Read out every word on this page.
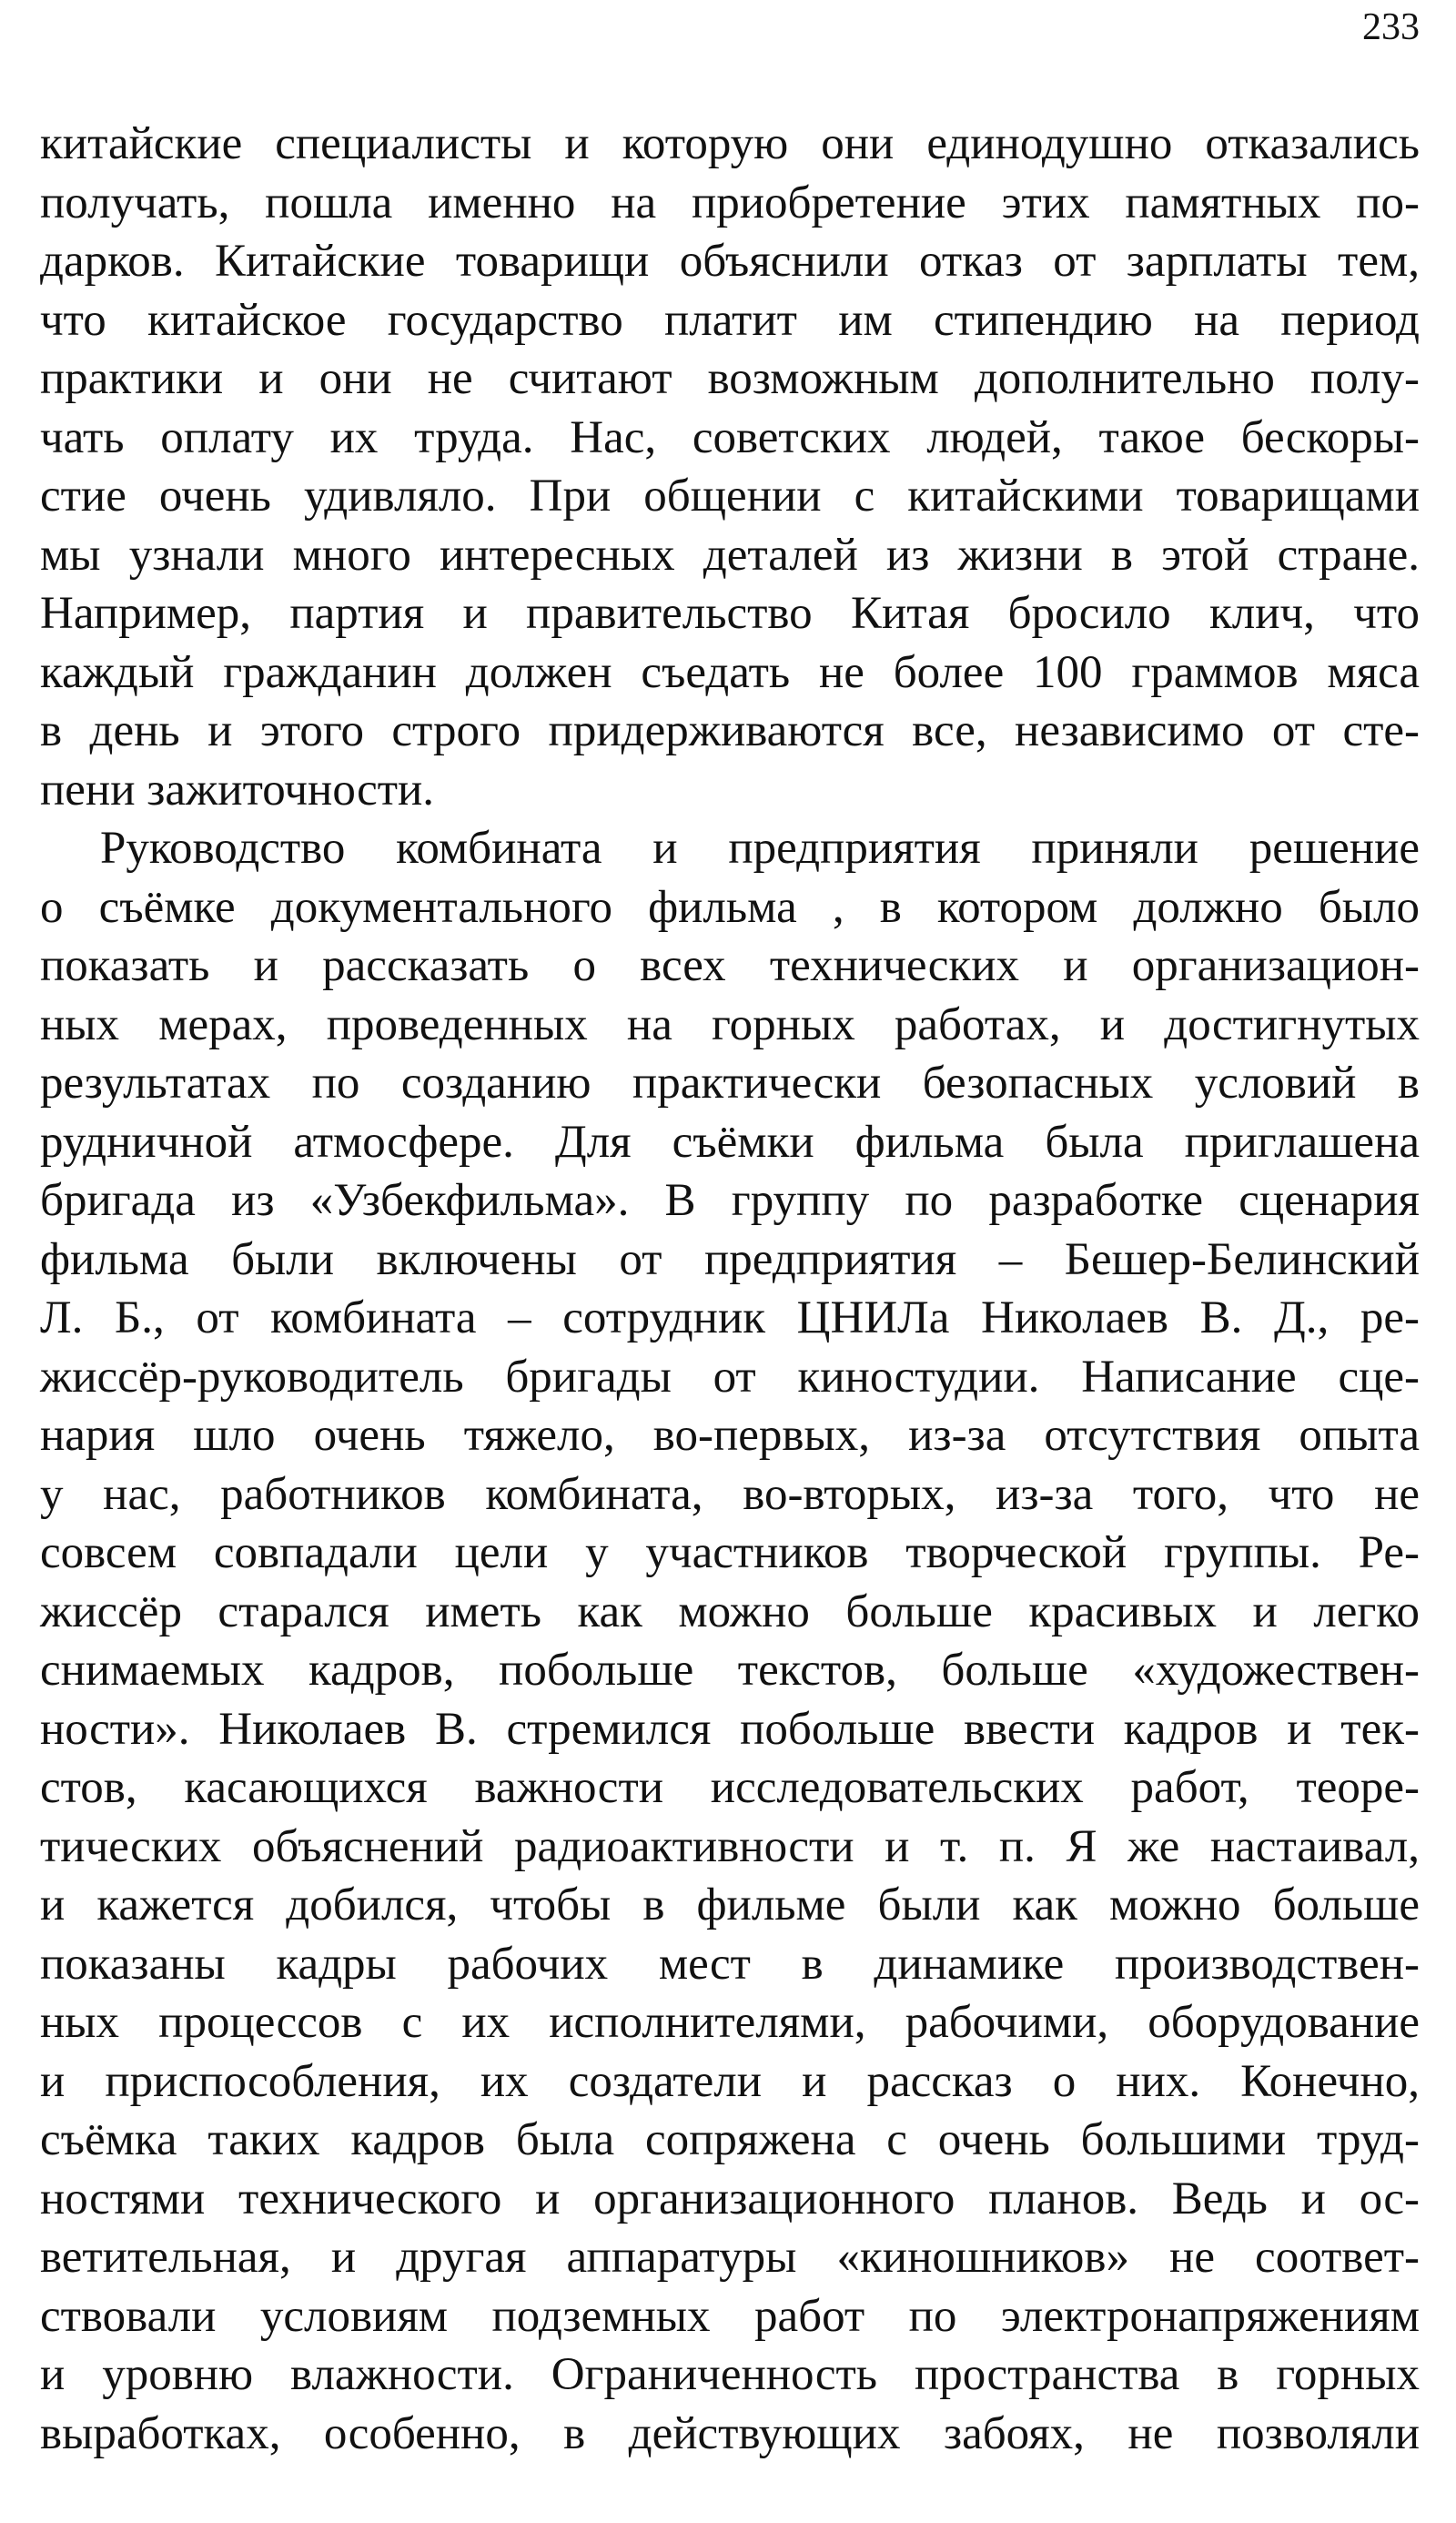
233
китайские специалисты и которую они единодушно отказались
получать, пошла именно на приобретение этих памятных по-
дарков. Китайские товарищи объяснили отказ от зарплаты тем,
что китайское государство платит им стипендию на период
практики и они не считают возможным дополнительно полу-
чать оплату их труда. Нас, советских людей, такое бескоры-
стие очень удивляло. При общении с китайскими товарищами
мы узнали много интересных деталей из жизни в этой стране.
Например, партия и правительство Китая бросило клич, что
каждый гражданин должен съедать не более 100 граммов мяса
в день и этого строго придерживаются все, независимо от сте-
пени зажиточности.
Руководство комбината и предприятия приняли решение
о съёмке документального фильма , в котором должно было
показать и рассказать о всех технических и организацион-
ных мерах, проведенных на горных работах, и достигнутых
результатах по созданию практически безопасных условий в
рудничной атмосфере. Для съёмки фильма была приглашена
бригада из «Узбекфильма». В группу по разработке сценария
фильма были включены от предприятия – Бешер-Белинский
Л. Б., от комбината – сотрудник ЦНИЛа Николаев В. Д., ре-
жиссёр-руководитель бригады от киностудии. Написание сце-
нария шло очень тяжело, во-первых, из-за отсутствия опыта
у нас, работников комбината, во-вторых, из-за того, что не
совсем совпадали цели у участников творческой группы. Ре-
жиссёр старался иметь как можно больше красивых и легко
снимаемых кадров, побольше текстов, больше «художествен-
ности». Николаев В. стремился побольше ввести кадров и тек-
стов, касающихся важности исследовательских работ, теоре-
тических объяснений радиоактивности и т. п. Я же настаивал,
и кажется добился, чтобы в фильме были как можно больше
показаны кадры рабочих мест в динамике производствен-
ных процессов с их исполнителями, рабочими, оборудование
и приспособления, их создатели и рассказ о них. Конечно,
съёмка таких кадров была сопряжена с очень большими труд-
ностями технического и организационного планов. Ведь и ос-
ветительная, и другая аппаратуры «киношников» не соответ-
ствовали условиям подземных работ по электронапряжениям
и уровню влажности. Ограниченность пространства в горных
выработках, особенно, в действующих забоях, не позволяли
